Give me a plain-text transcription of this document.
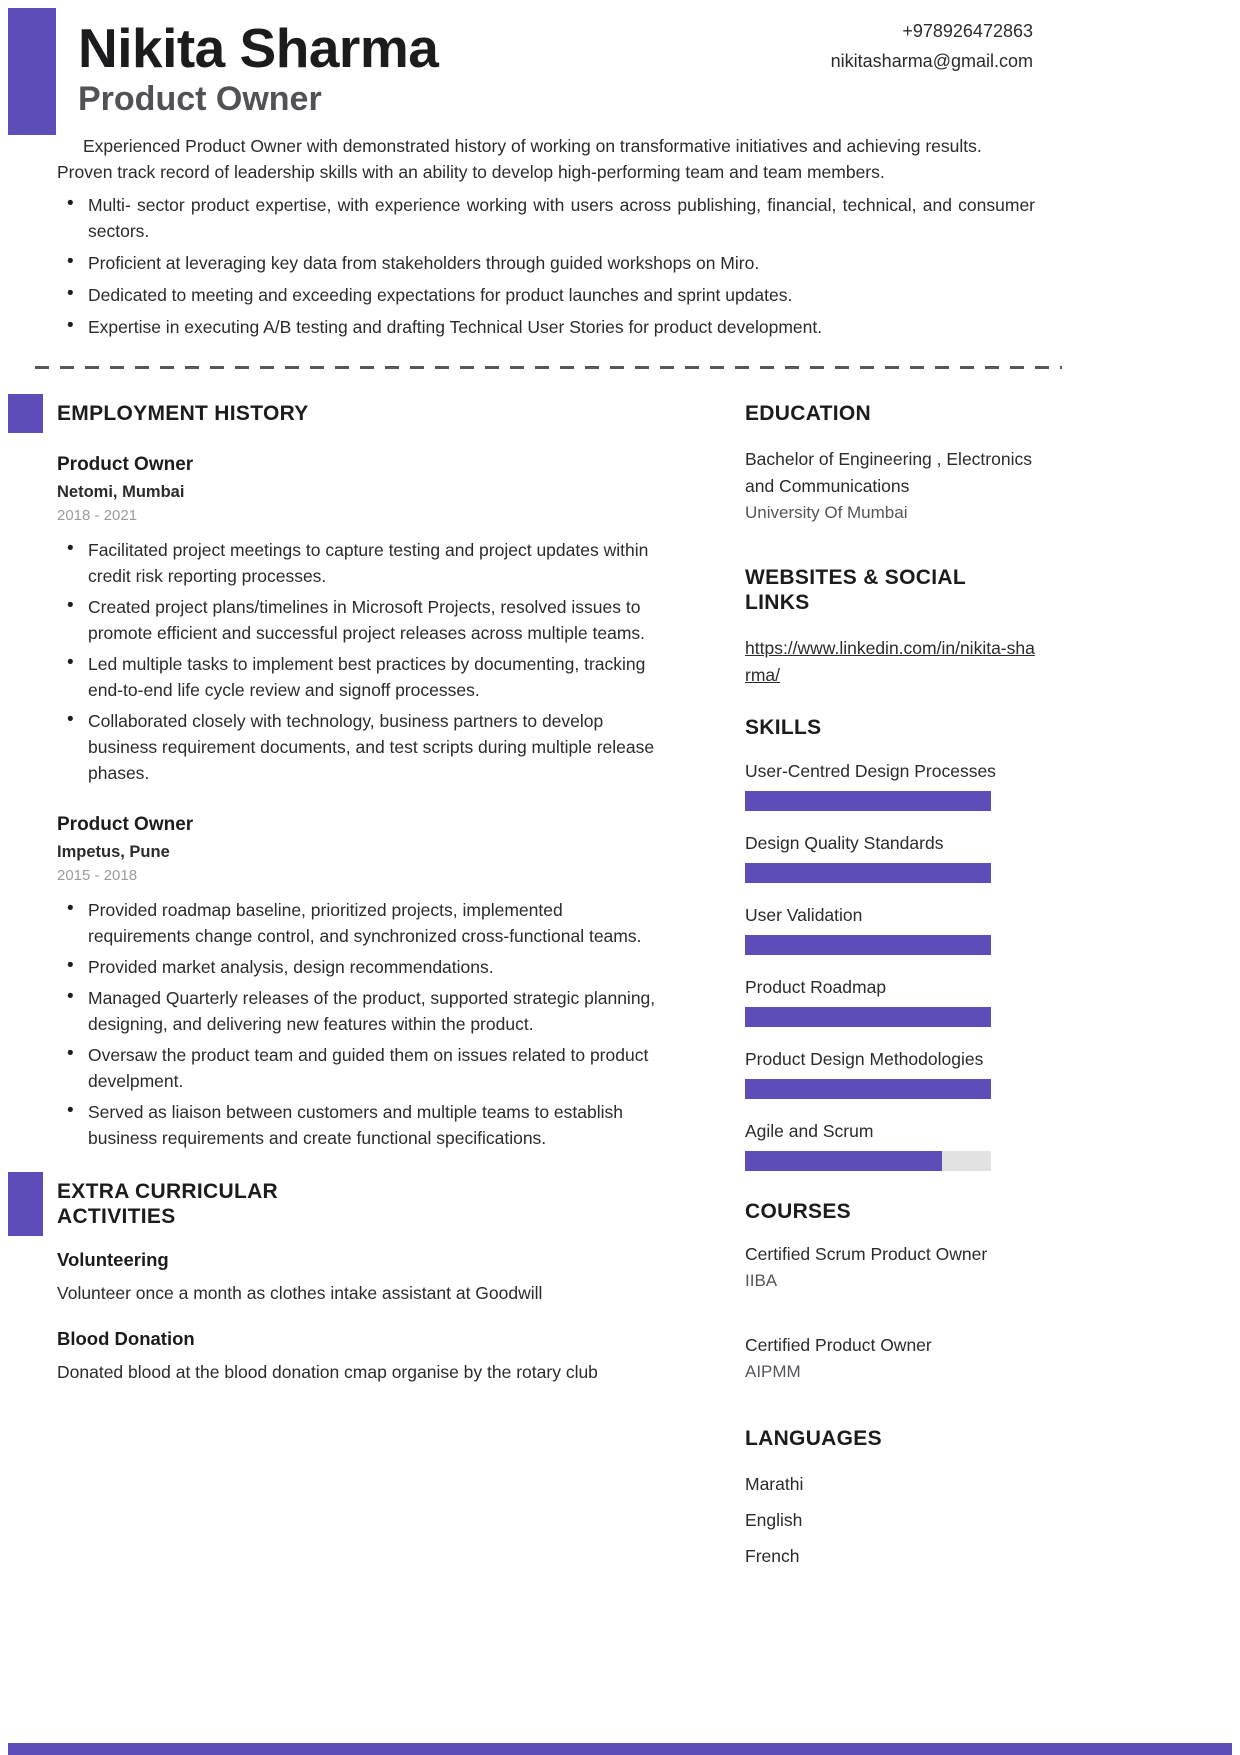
Nikita Sharma
Product Owner
+978926472863
nikitasharma@gmail.com

Experienced Product Owner with demonstrated history of working on transformative initiatives and achieving results. Proven track record of leadership skills with an ability to develop high-performing team and team members.

• Multi- sector product expertise, with experience working with users across publishing, financial, technical, and consumer sectors.
• Proficient at leveraging key data from stakeholders through guided workshops on Miro.
• Dedicated to meeting and exceeding expectations for product launches and sprint updates.
• Expertise in executing A/B testing and drafting Technical User Stories for product development.
EMPLOYMENT HISTORY
Product Owner
Netomi, Mumbai
2018 - 2021
• Facilitated project meetings to capture testing and project updates within credit risk reporting processes.
• Created project plans/timelines in Microsoft Projects, resolved issues to promote efficient and successful project releases across multiple teams.
• Led multiple tasks to implement best practices by documenting, tracking end-to-end life cycle review and signoff processes.
• Collaborated closely with technology, business partners to develop business requirement documents, and test scripts during multiple release phases.
Product Owner
Impetus, Pune
2015 - 2018
• Provided roadmap baseline, prioritized projects, implemented requirements change control, and synchronized cross-functional teams.
• Provided market analysis, design recommendations.
• Managed Quarterly releases of the product, supported strategic planning, designing, and delivering new features within the product.
• Oversaw the product team and guided them on issues related to product develpment.
• Served as liaison between customers and multiple teams to establish business requirements and create functional specifications.
EXTRA CURRICULAR ACTIVITIES
Volunteering

Volunteer once a month as clothes intake assistant at Goodwill

Blood Donation

Donated blood at the blood donation cmap organise by the rotary club

EDUCATION
Bachelor of Engineering , Electronics and Communications
University Of Mumbai
WEBSITES & SOCIAL LINKS
https://www.linkedin.com/in/nikita-sharma/
SKILLS
User-Centred Design Processes
Design Quality Standards
User Validation
Product Roadmap
Product Design Methodologies
Agile and Scrum
COURSES
Certified Scrum Product Owner
IIBA
Certified Product Owner
AIPMM
LANGUAGES
Marathi
English
French
